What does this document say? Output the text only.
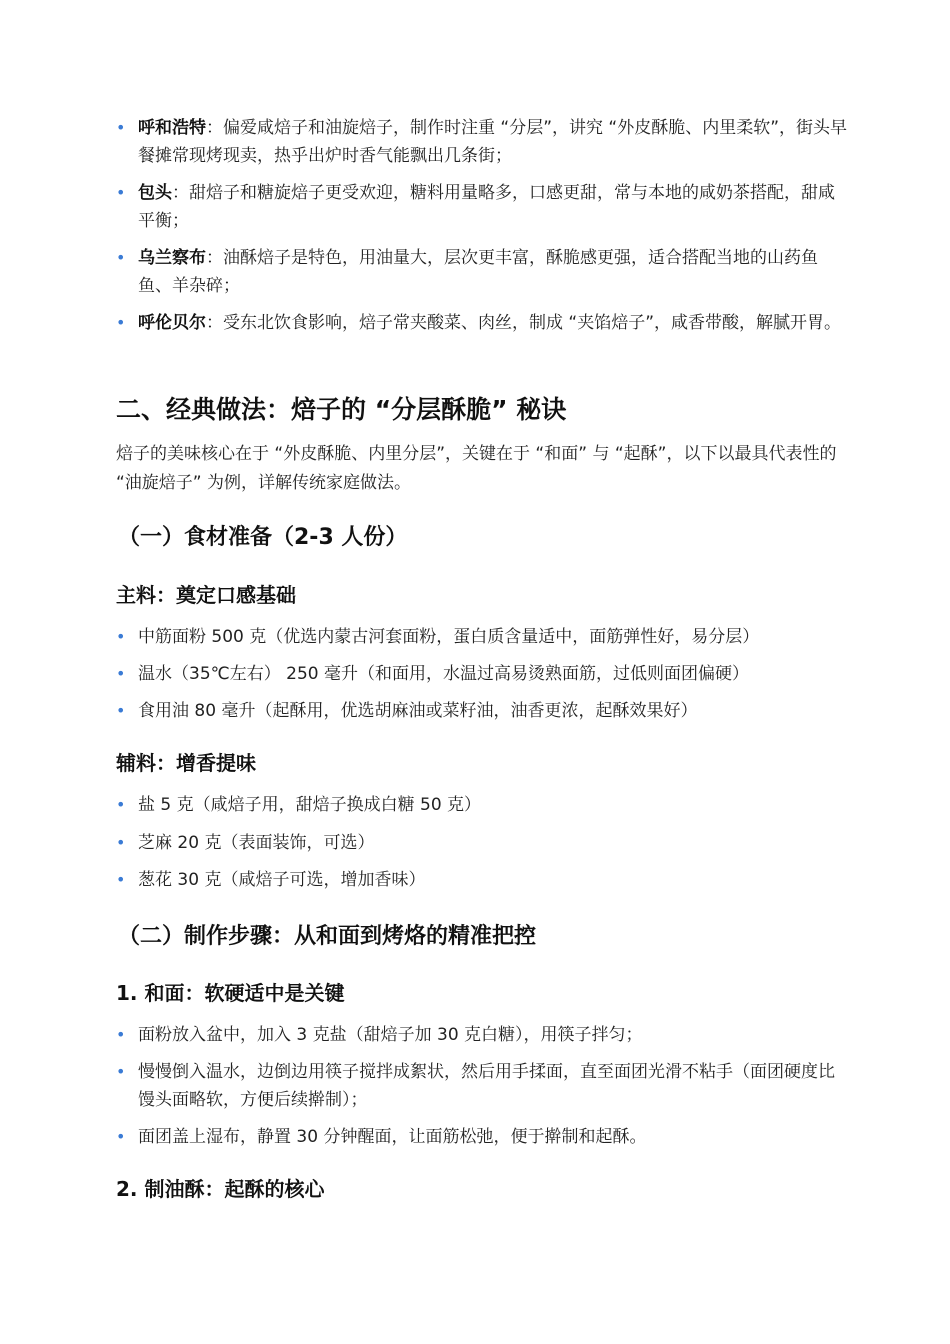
• 呼和浩特：偏爱咸焙子和油旋焙子，制作时注重 “分层”，讲究 “外皮酥脆、内里柔软”，街头早餐摊常现烤现卖，热乎出炉时香气能飘出几条街；
• 包头：甜焙子和糖旋焙子更受欢迎，糖料用量略多，口感更甜，常与本地的咸奶茶搭配，甜咸平衡；
• 乌兰察布：油酥焙子是特色，用油量大，层次更丰富，酥脆感更强，适合搭配当地的山药鱼鱼、羊杂碎；
• 呼伦贝尔：受东北饮食影响，焙子常夹酸菜、肉丝，制成 “夹馅焙子”，咸香带酸，解腻开胃。
二、经典做法：焙子的 “分层酥脆” 秘诀

焙子的美味核心在于 “外皮酥脆、内里分层”，关键在于 “和面” 与 “起酥”，以下以最具代表性的 “油旋焙子” 为例，详解传统家庭做法。

（一）食材准备（2-3 人份）
主料：奠定口感基础
• 中筋面粉 500 克（优选内蒙古河套面粉，蛋白质含量适中，面筋弹性好，易分层）
• 温水（35℃左右） 250 毫升（和面用，水温过高易烫熟面筋，过低则面团偏硬）
• 食用油 80 毫升（起酥用，优选胡麻油或菜籽油，油香更浓，起酥效果好）
辅料：增香提味
• 盐 5 克（咸焙子用，甜焙子换成白糖 50 克）
• 芝麻 20 克（表面装饰，可选）
• 葱花 30 克（咸焙子可选，增加香味）
（二）制作步骤：从和面到烤烙的精准把控
1. 和面：软硬适中是关键
• 面粉放入盆中，加入 3 克盐（甜焙子加 30 克白糖），用筷子拌匀；
• 慢慢倒入温水，边倒边用筷子搅拌成絮状，然后用手揉面，直至面团光滑不粘手（面团硬度比馒头面略软，方便后续擀制）；
• 面团盖上湿布，静置 30 分钟醒面，让面筋松弛，便于擀制和起酥。
2. 制油酥：起酥的核心
